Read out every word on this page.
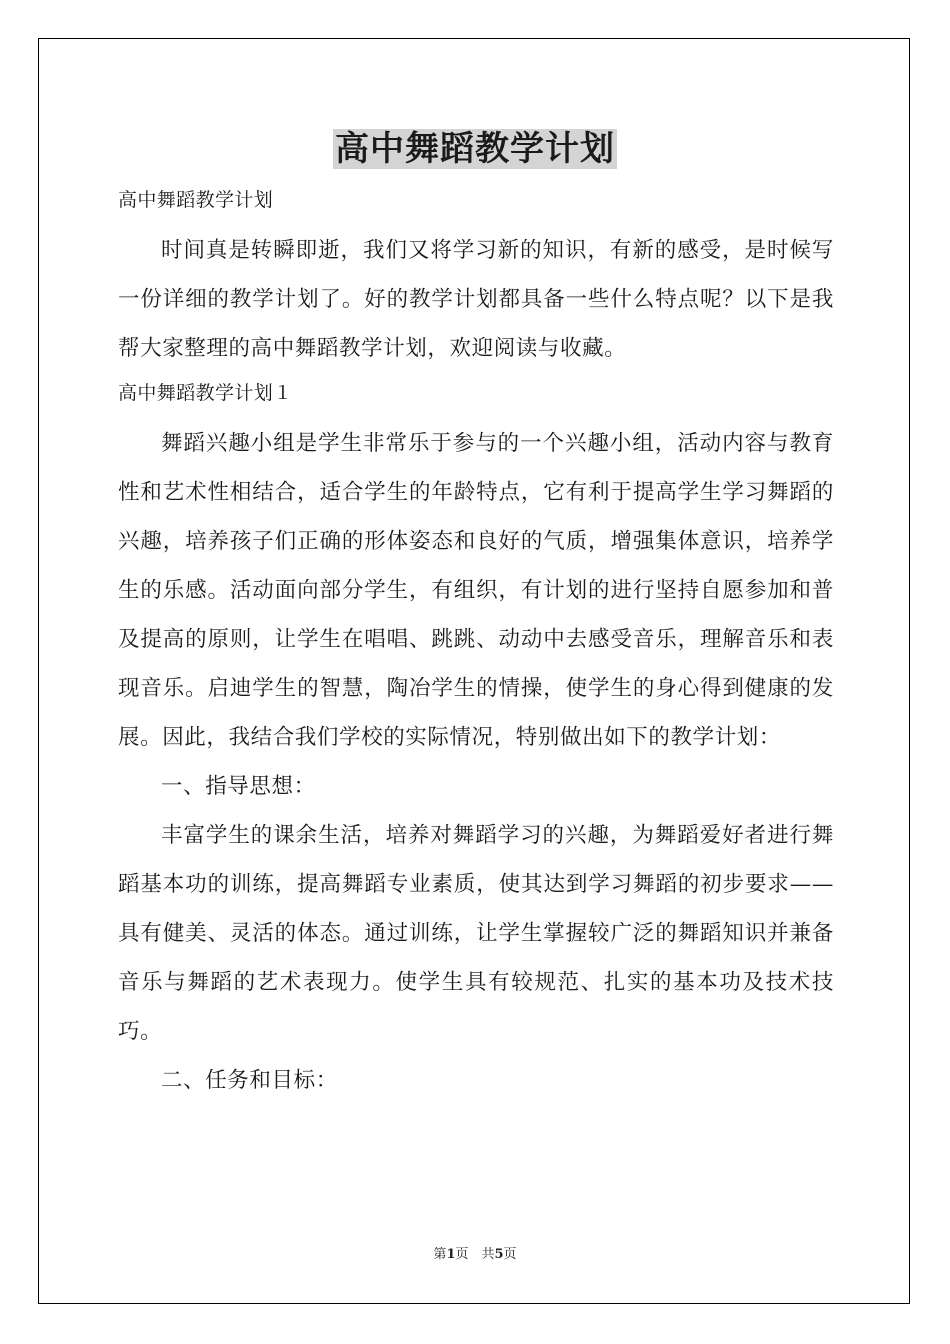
高中舞蹈教学计划

高中舞蹈教学计划

时间真是转瞬即逝，我们又将学习新的知识，有新的感受，是时候写一份详细的教学计划了。好的教学计划都具备一些什么特点呢？以下是我帮大家整理的高中舞蹈教学计划，欢迎阅读与收藏。

高中舞蹈教学计划１

舞蹈兴趣小组是学生非常乐于参与的一个兴趣小组，活动内容与教育性和艺术性相结合，适合学生的年龄特点，它有利于提高学生学习舞蹈的兴趣，培养孩子们正确的形体姿态和良好的气质，增强集体意识，培养学生的乐感。活动面向部分学生，有组织，有计划的进行坚持自愿参加和普及提高的原则，让学生在唱唱、跳跳、动动中去感受音乐，理解音乐和表现音乐。启迪学生的智慧，陶冶学生的情操，使学生的身心得到健康的发展。因此，我结合我们学校的实际情况，特别做出如下的教学计划：

一、指导思想：

丰富学生的课余生活，培养对舞蹈学习的兴趣，为舞蹈爱好者进行舞蹈基本功的训练，提高舞蹈专业素质，使其达到学习舞蹈的初步要求——具有健美、灵活的体态。通过训练，让学生掌握较广泛的舞蹈知识并兼备音乐与舞蹈的艺术表现力。使学生具有较规范、扎实的基本功及技术技巧。

二、任务和目标：

第1页　共5页
